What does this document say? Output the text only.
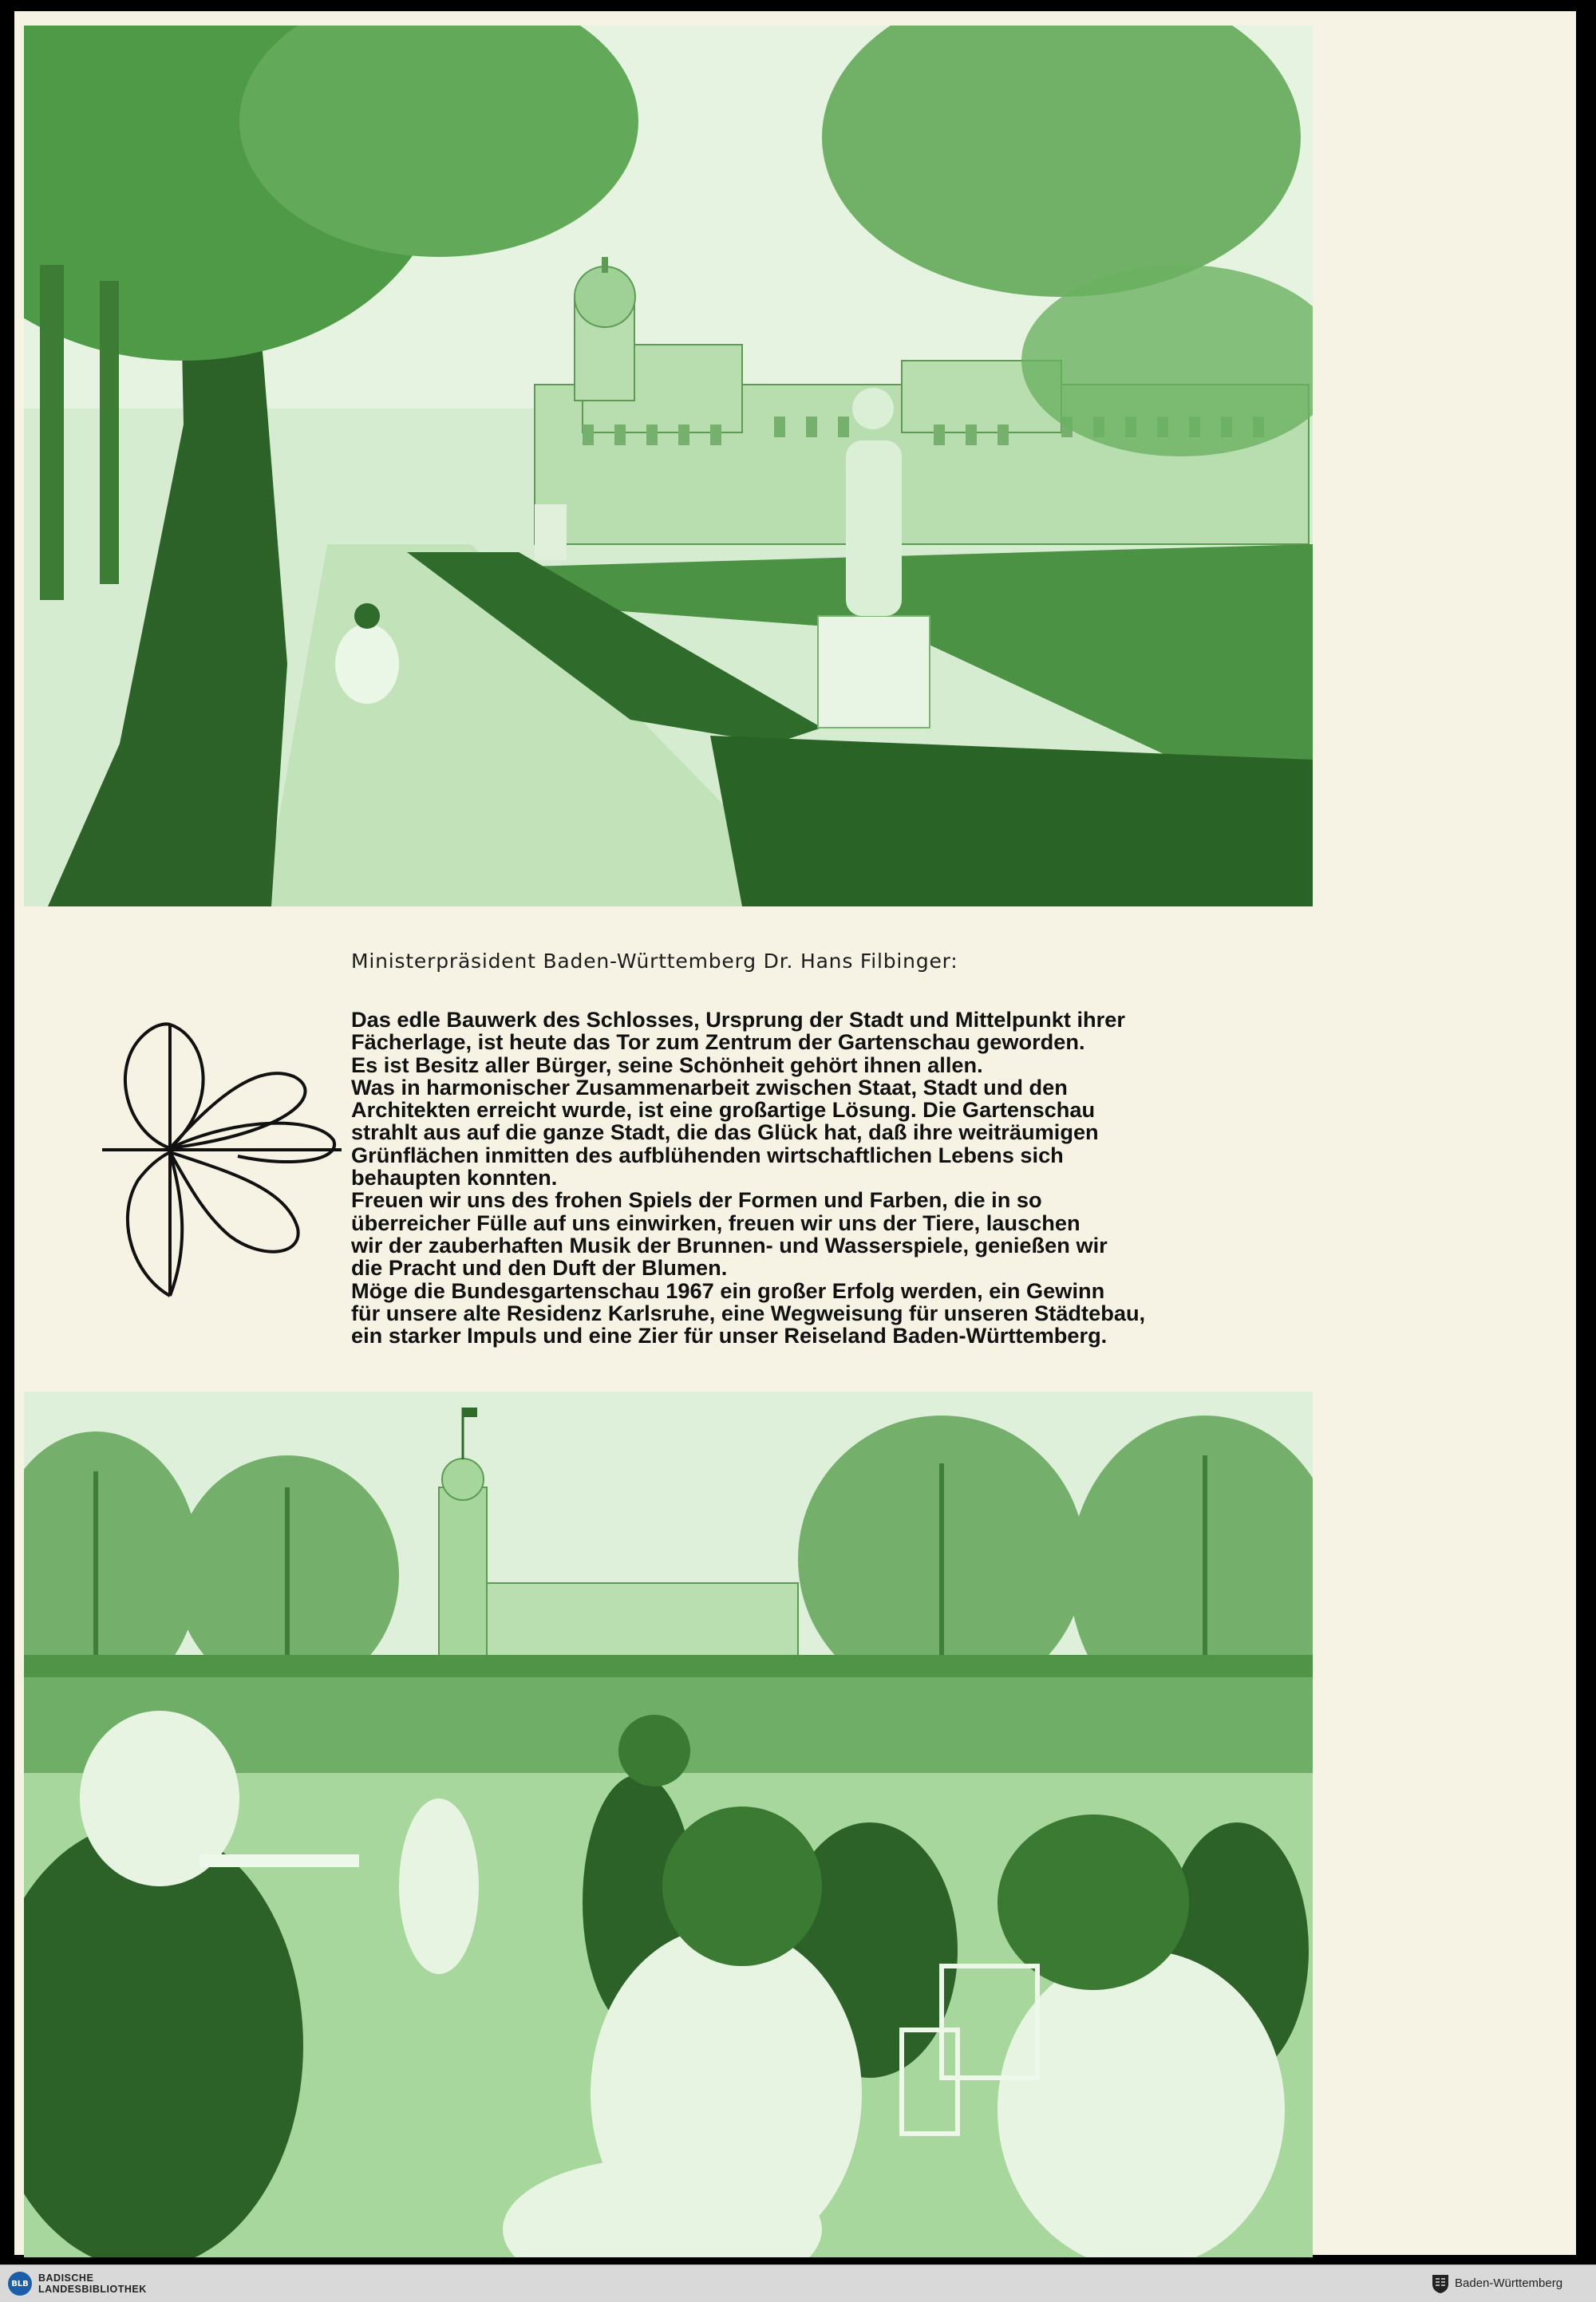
Ministerpräsident Baden-Württemberg Dr. Hans Filbinger:

Das edle Bauwerk des Schlosses, Ursprung der Stadt und Mittelpunkt ihrer

Fächerlage, ist heute das Tor zum Zentrum der Gartenschau geworden.

Es ist Besitz aller Bürger, seine Schönheit gehört ihnen allen.

Was in harmonischer Zusammenarbeit zwischen Staat, Stadt und den

Architekten erreicht wurde, ist eine großartige Lösung. Die Gartenschau

strahlt aus auf die ganze Stadt, die das Glück hat, daß ihre weiträumigen

Grünflächen inmitten des aufblühenden wirtschaftlichen Lebens sich

behaupten konnten.

Freuen wir uns des frohen Spiels der Formen und Farben, die in so

überreicher Fülle auf uns einwirken, freuen wir uns der Tiere, lauschen

wir der zauberhaften Musik der Brunnen- und Wasserspiele, genießen wir

die Pracht und den Duft der Blumen.

Möge die Bundesgartenschau 1967 ein großer Erfolg werden, ein Gewinn

für unsere alte Residenz Karlsruhe, eine Wegweisung für unseren Städtebau,

ein starker Impuls und eine Zier für unser Reiseland Baden-Württemberg.

BLB BADISCHE
LANDESBIBLIOTHEK	Baden-Württemberg
